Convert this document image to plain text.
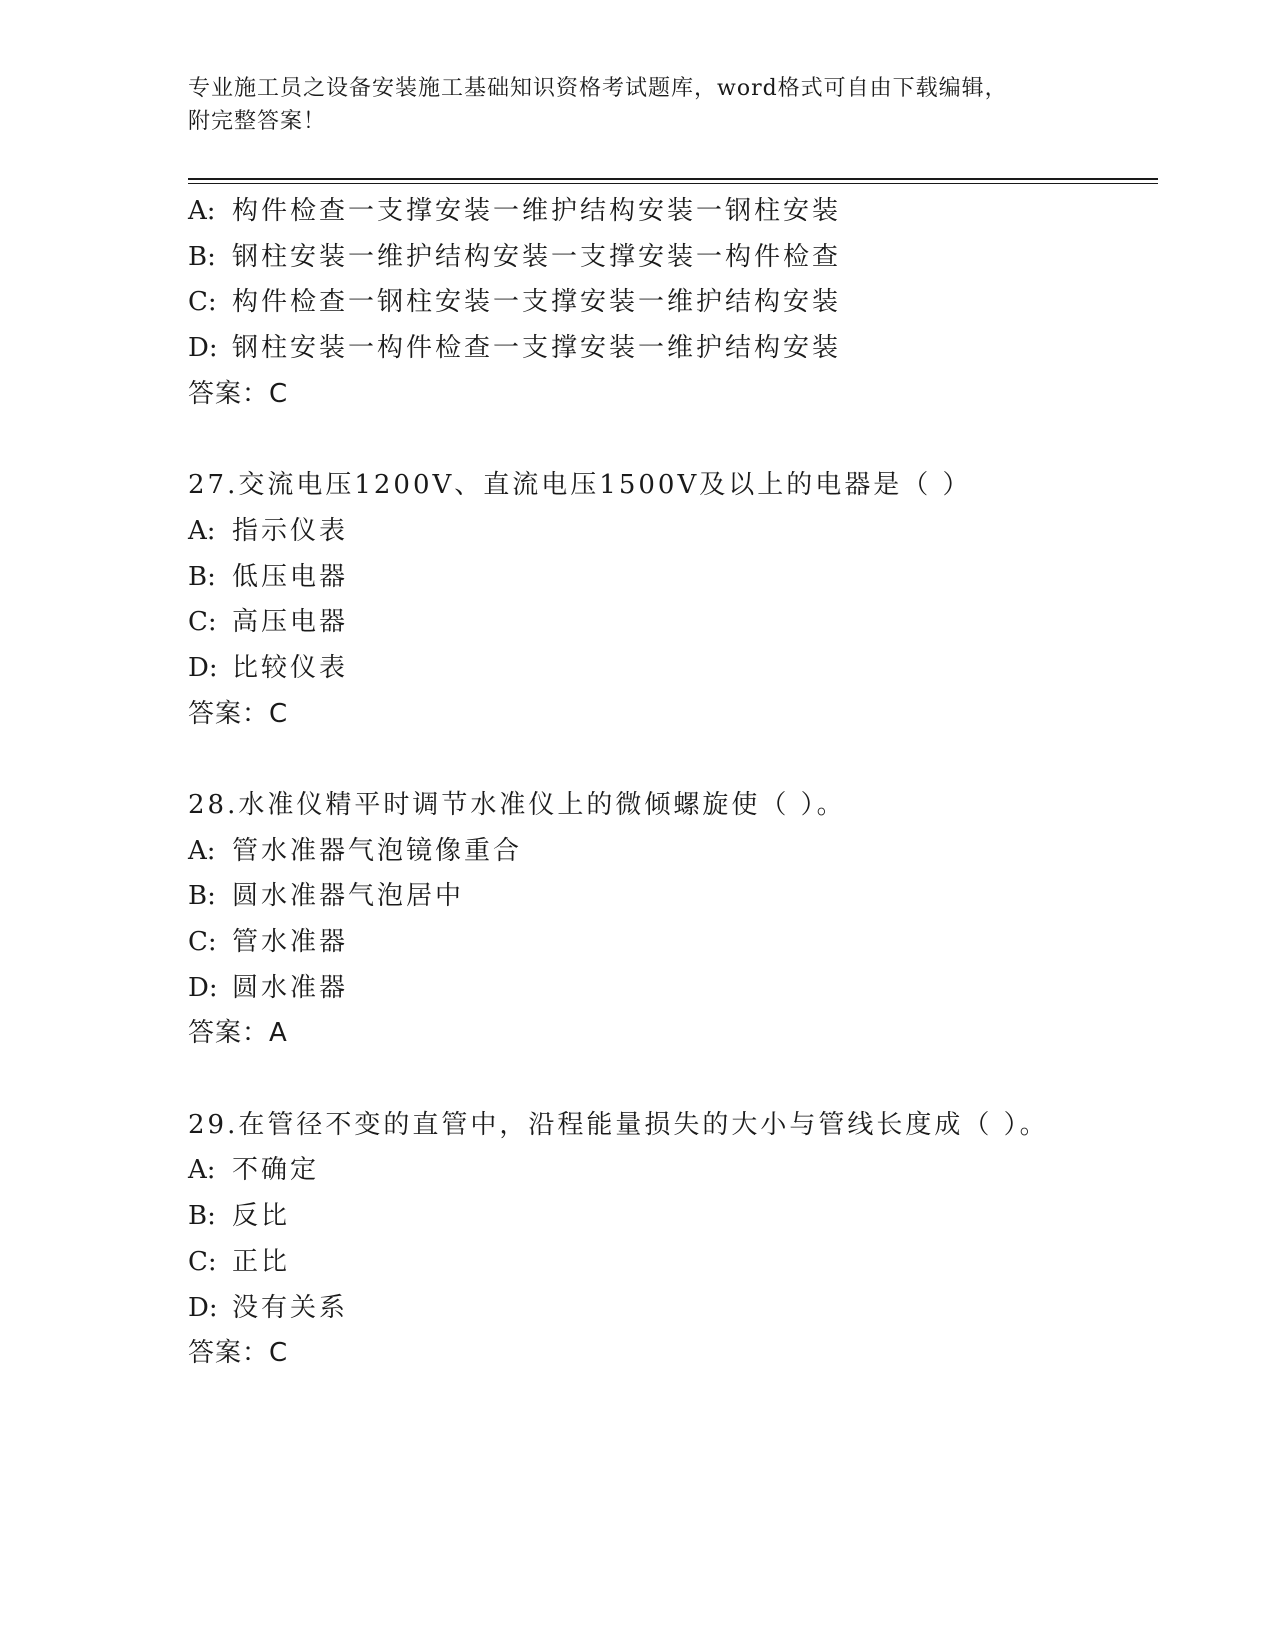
专业施工员之设备安装施工基础知识资格考试题库，word格式可自由下载编辑，
附完整答案！
A: 构件检查一支撑安装一维护结构安装一钢柱安装
B: 钢柱安装一维护结构安装一支撑安装一构件检查
C: 构件检查一钢柱安装一支撑安装一维护结构安装
D: 钢柱安装一构件检查一支撑安装一维护结构安装
答案：C
27.交流电压1200V、直流电压1500V及以上的电器是（ ）
A: 指示仪表
B: 低压电器
C: 高压电器
D: 比较仪表
答案：C
28.水准仪精平时调节水准仪上的微倾螺旋使（ ）。
A: 管水准器气泡镜像重合
B: 圆水准器气泡居中
C: 管水准器
D: 圆水准器
答案：A
29.在管径不变的直管中，沿程能量损失的大小与管线长度成（ ）。
A: 不确定
B: 反比
C: 正比
D: 没有关系
答案：C
